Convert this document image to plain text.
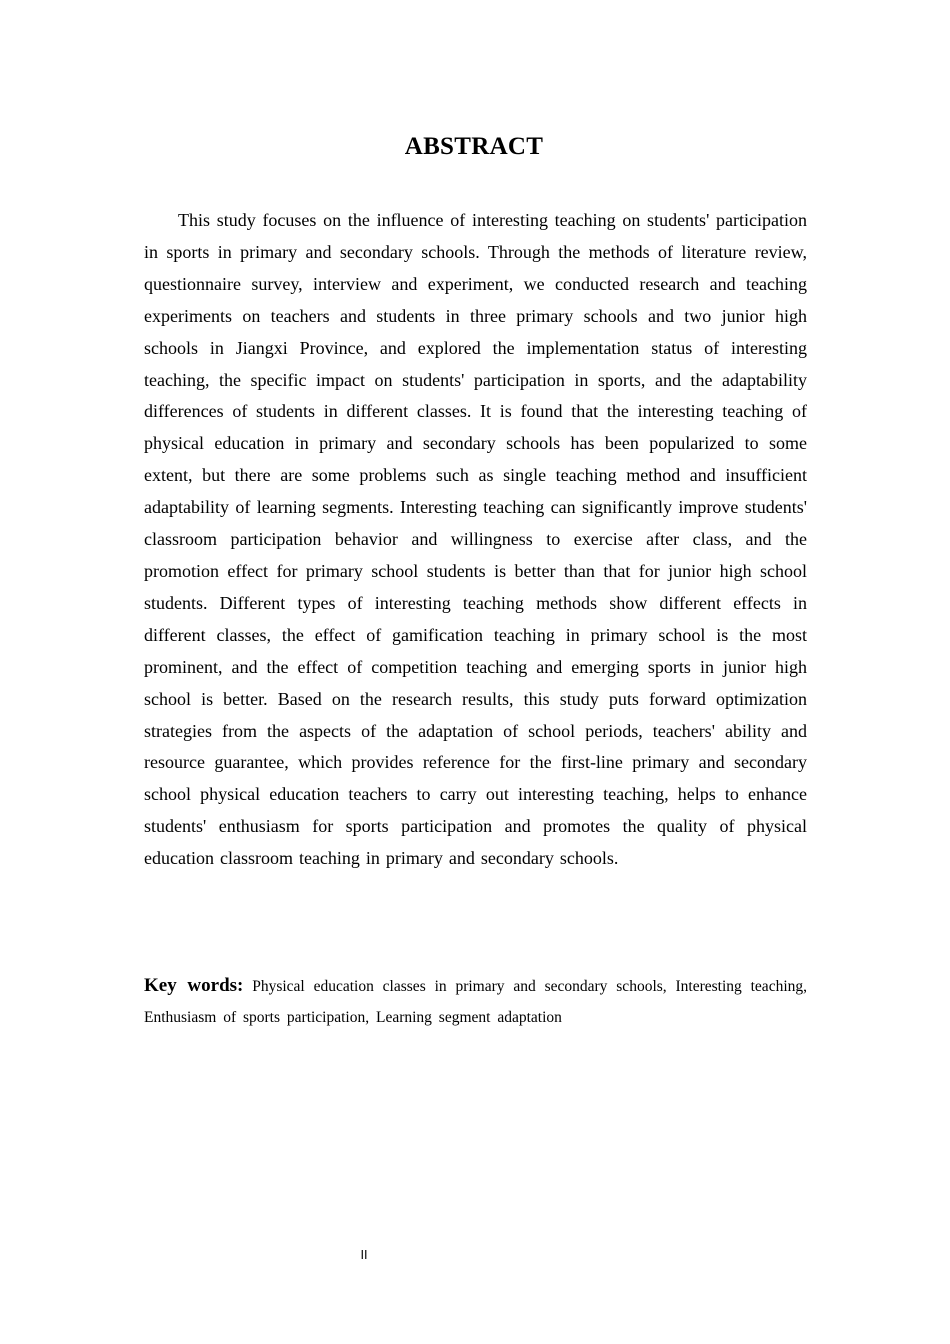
ABSTRACT

This study focuses on the influence of interesting teaching on students' participation in sports in primary and secondary schools. Through the methods of literature review, questionnaire survey, interview and experiment, we conducted research and teaching experiments on teachers and students in three primary schools and two junior high schools in Jiangxi Province, and explored the implementation status of interesting teaching, the specific impact on students' participation in sports, and the adaptability differences of students in different classes. It is found that the interesting teaching of physical education in primary and secondary schools has been popularized to some extent, but there are some problems such as single teaching method and insufficient adaptability of learning segments. Interesting teaching can significantly improve students' classroom participation behavior and willingness to exercise after class, and the promotion effect for primary school students is better than that for junior high school students. Different types of interesting teaching methods show different effects in different classes, the effect of gamification teaching in primary school is the most prominent, and the effect of competition teaching and emerging sports in junior high school is better. Based on the research results, this study puts forward optimization strategies from the aspects of the adaptation of school periods, teachers' ability and resource guarantee, which provides reference for the first-line primary and secondary school physical education teachers to carry out interesting teaching, helps to enhance students' enthusiasm for sports participation and promotes the quality of physical education classroom teaching in primary and secondary schools.

Key words: Physical education classes in primary and secondary schools, Interesting teaching, Enthusiasm of sports participation, Learning segment adaptation

II
